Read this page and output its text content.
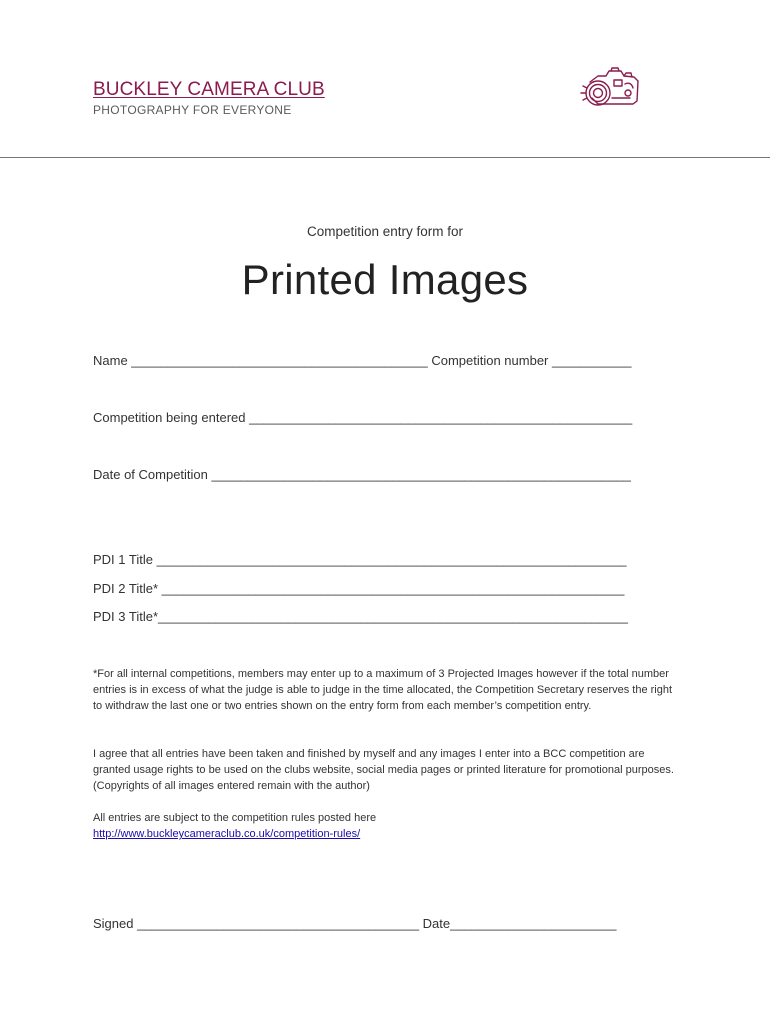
BUCKLEY CAMERA CLUB
PHOTOGRAPHY FOR EVERYONE
Competition entry form for
Printed Images
Name _________________________________________ Competition number ___________
Competition being entered _____________________________________________________
Date of Competition __________________________________________________________
PDI 1 Title _________________________________________________________________
PDI 2 Title* ________________________________________________________________
PDI 3 Title*_________________________________________________________________

*For all internal competitions, members may enter up to a maximum of 3 Projected Images however if the total number entries is in excess of what the judge is able to judge in the time allocated, the Competition Secretary reserves the right to withdraw the last one or two entries shown on the entry form from each member’s competition entry.

I agree that all entries have been taken and finished by myself and any images I enter into a BCC competition are granted usage rights to be used on the clubs website, social media pages or printed literature for promotional purposes. (Copyrights of all images entered remain with the author)

All entries are subject to the competition rules posted here

http://www.buckleycameraclub.co.uk/competition-rules/

Signed _______________________________________ Date_______________________
